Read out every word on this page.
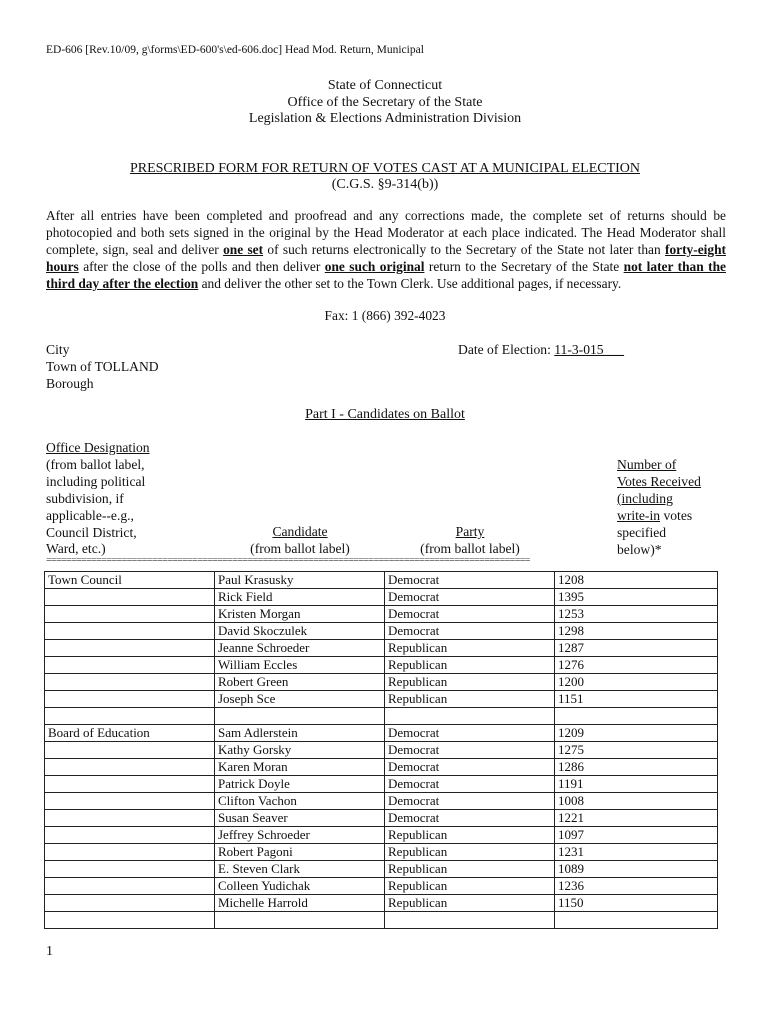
ED-606 [Rev.10/09, g\forms\ED-600's\ed-606.doc] Head Mod. Return, Municipal
State of Connecticut
Office of the Secretary of the State
Legislation & Elections Administration Division
PRESCRIBED FORM FOR RETURN OF VOTES CAST AT A MUNICIPAL ELECTION
(C.G.S. §9-314(b))
After all entries have been completed and proofread and any corrections made, the complete set of returns should be photocopied and both sets signed in the original by the Head Moderator at each place indicated. The Head Moderator shall complete, sign, seal and deliver one set of such returns electronically to the Secretary of the State not later than forty-eight hours after the close of the polls and then deliver one such original return to the Secretary of the State not later than the third day after the election and deliver the other set to the Town Clerk. Use additional pages, if necessary.
Fax: 1 (866) 392-4023
City
Town of TOLLAND
Borough
Date of Election: 11-3-015___
Part I - Candidates on Ballot
Office Designation
(from ballot label,
including political
subdivision, if
applicable--e.g.,
Council District,
Ward, etc.)
Candidate
(from ballot label)
Party
(from ballot label)
Number of
Votes Received
(including
write-in votes
specified
below)*
================================================================================================
Town Council	Paul Krasusky	Democrat	1208
	Rick Field	Democrat	1395
	Kristen Morgan	Democrat	1253
	David Skoczulek	Democrat	1298
	Jeanne Schroeder	Republican	1287
	William Eccles	Republican	1276
	Robert Green	Republican	1200
	Joseph Sce	Republican	1151

Board of Education	Sam Adlerstein	Democrat	1209
	Kathy Gorsky	Democrat	1275
	Karen Moran	Democrat	1286
	Patrick Doyle	Democrat	1191
	Clifton Vachon	Democrat	1008
	Susan Seaver	Democrat	1221
	Jeffrey Schroeder	Republican	1097
	Robert Pagoni	Republican	1231
	E. Steven Clark	Republican	1089
	Colleen Yudichak	Republican	1236
	Michelle Harrold	Republican	1150

1
